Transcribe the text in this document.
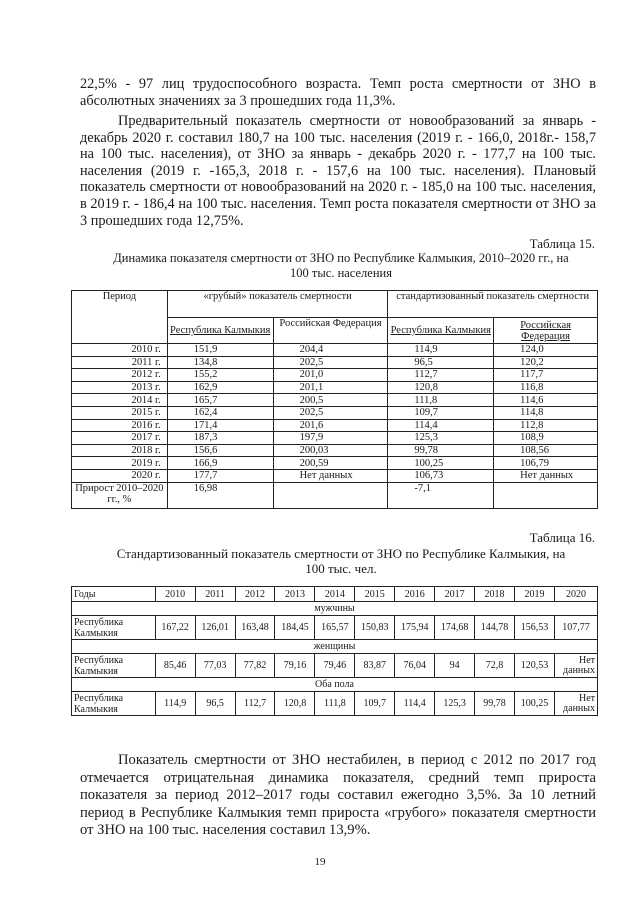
22,5% - 97 лиц трудоспособного возраста. Темп роста смертности от ЗНО в абсолютных значениях за 3 прошедших года 11,3%.

Предварительный показатель смертности от новообразований за январь - декабрь 2020 г. составил 180,7 на 100 тыс. населения (2019 г. - 166,0, 2018г.- 158,7 на 100 тыс. населения), от ЗНО за январь - декабрь 2020 г. - 177,7 на 100 тыс. населения (2019 г. -165,3, 2018 г. - 157,6 на 100 тыс. населения). Плановый показатель смертности от новообразований на 2020 г. - 185,0 на 100 тыс. населения, в 2019 г. - 186,4 на 100 тыс. населения. Темп роста показателя смертности от ЗНО за 3 прошедших года 12,75%.

Таблица 15.
Динамика показателя смертности от ЗНО по Республике Калмыкия, 2010–2020 гг., на 100 тыс. населения
Период	«грубый» показатель смертности		стандартизованный показатель смертности	
	Республика Калмыкия	Российская Федерация	Республика Калмыкия	Российская Федерация
2010 г.	151,9	204,4	114,9	124,0
2011 г.	134,8	202,5	96,5	120,2
2012 г.	155,2	201,0	112,7	117,7
2013 г.	162,9	201,1	120,8	116,8
2014 г.	165,7	200,5	111,8	114,6
2015 г.	162,4	202,5	109,7	114,8
2016 г.	171,4	201,6	114,4	112,8
2017 г.	187,3	197,9	125,3	108,9
2018 г.	156,6	200,03	99,78	108,56
2019 г.	166,9	200,59	100,25	106,79
2020 г.	177,7	Нет данных	106,73	Нет данных
Прирост 2010–2020 гг., %	16,98		-7,1	
Таблица 16.
Стандартизованный показатель смертности от ЗНО по Республике Калмыкия, на 100 тыс. чел.
Годы	2010	2011	2012	2013	2014	2015	2016	2017	2018	2019	2020
мужчины											
Республика Калмыкия	167,22	126,01	163,48	184,45	165,57	150,83	175,94	174,68	144,78	156,53	107,77
женщины											
Республика Калмыкия	85,46	77,03	77,82	79,16	79,46	83,87	76,04	94	72,8	120,53	Нет данных
Оба пола											
Республика Калмыкия	114,9	96,5	112,7	120,8	111,8	109,7	114,4	125,3	99,78	100,25	Нет данных

Показатель смертности от ЗНО нестабилен, в период с 2012 по 2017 год отмечается отрицательная динамика показателя, средний темп прироста показателя за период 2012–2017 годы составил ежегодно 3,5%. За 10 летний период в Республике Калмыкия темп прироста «грубого» показателя смертности от ЗНО на 100 тыс. населения составил 13,9%.

19
